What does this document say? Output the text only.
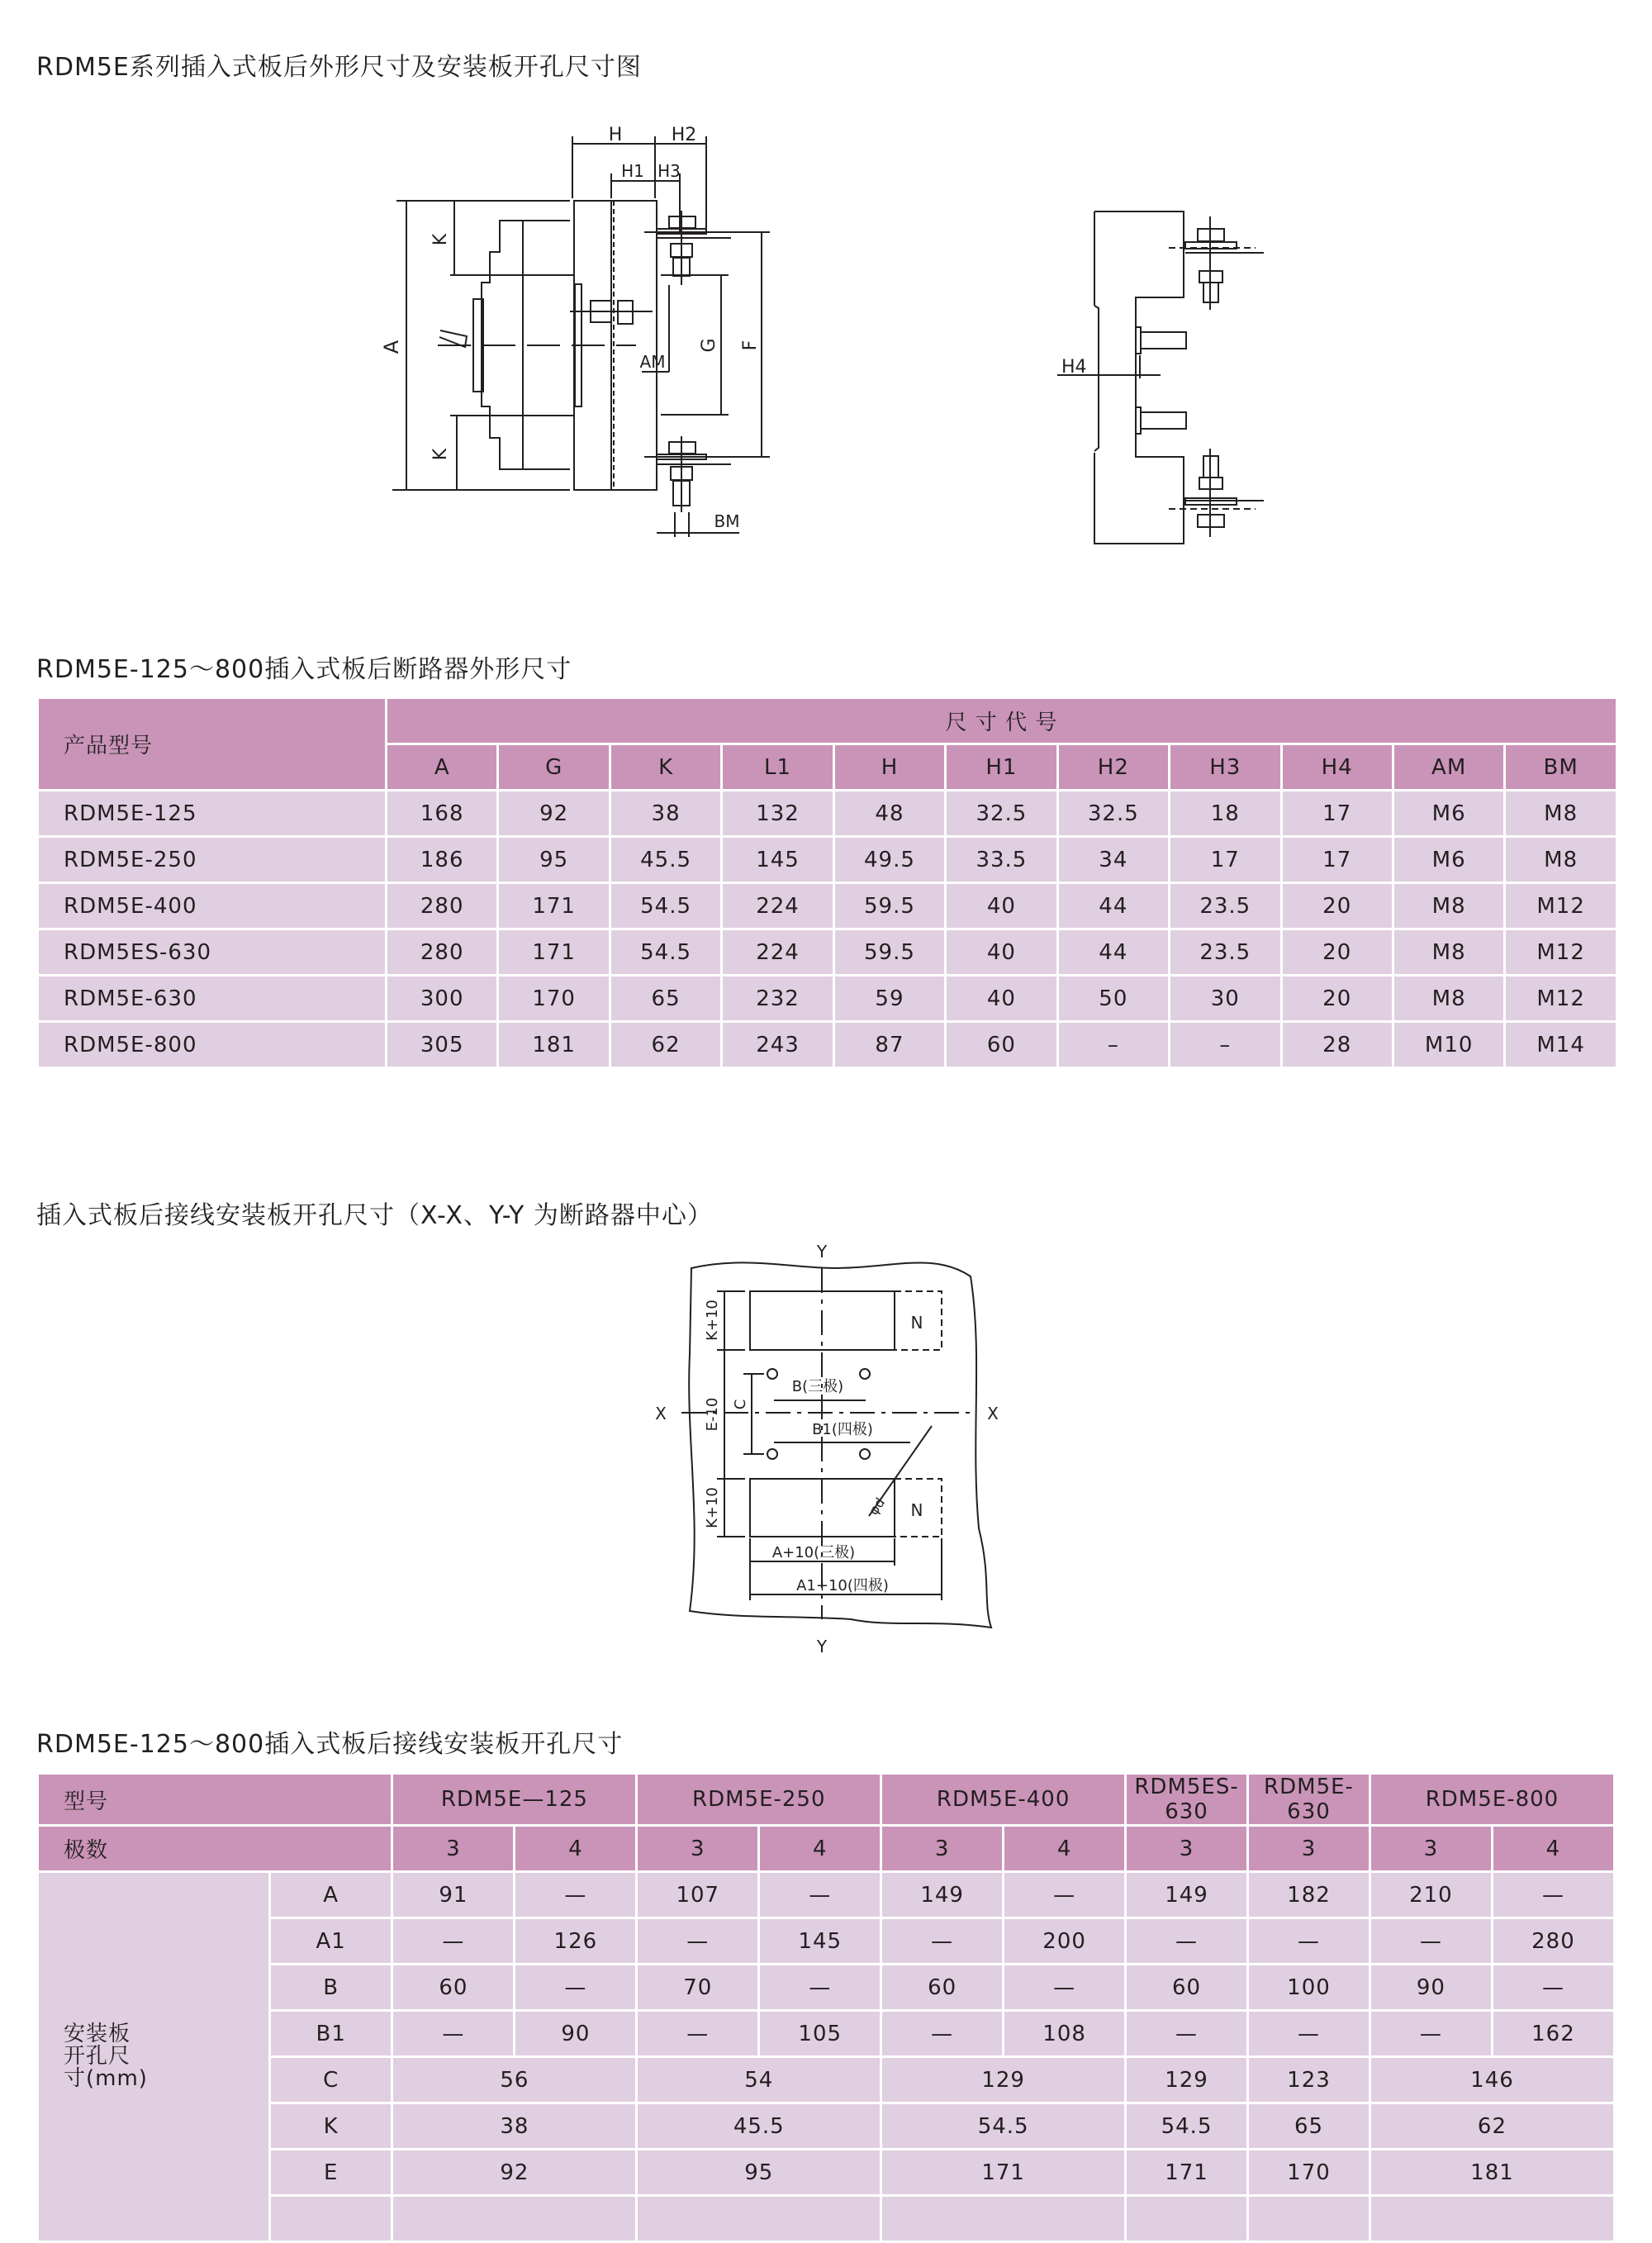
RDM5E系列插入式板后外形尺寸及安装板开孔尺寸图
H	H2
H1 H3
K
K
A	G F
AM
BM
H4
RDM5E-125～800插入式板后断路器外形尺寸
产品型号	尺 寸 代 号										
	A	G	K	L1	H	H1	H2	H3	H4	AM	BM
RDM5E-125	168	92	38	132	48	32.5	32.5	18	17	M6	M8
RDM5E-250	186	95	45.5	145	49.5	33.5	34	17	17	M6	M8
RDM5E-400	280	171	54.5	224	59.5	40	44	23.5	20	M8	M12
RDM5ES-630	280	171	54.5	224	59.5	40	44	23.5	20	M8	M12
RDM5E-630	300	170	65	232	59	40	50	30	20	M8	M12
RDM5E-800	305	181	62	243	87	60	–	–	28	M10	M14
插入式板后接线安装板开孔尺寸（X-X、Y-Y 为断路器中心）
Y
Y
X	X
K+10
K+10
E-10 C
B(三极)
B1(四极)
A+10(三极)
A1+10(四极)
N
N
φd
RDM5E-125～800插入式板后接线安装板开孔尺寸
型号		RDM5E—125		RDM5E-250		RDM5E-400		RDM5ES-630	RDM5E-630	RDM5E-800	
极数		3	4	3	4	3	4	3	3	3	4
安装板
开孔尺
寸(mm)	A	91	—	107	—	149	—	149	182	210	—
	A1	—	126	—	145	—	200	—	—	—	280
	B	60	—	70	—	60	—	60	100	90	—
	B1	—	90	—	105	—	108	—	—	—	162
	C	56		54		129		129	123	146	
	K	38		45.5		54.5		54.5	65	62	
	E	92		95		171		171	170	181	
